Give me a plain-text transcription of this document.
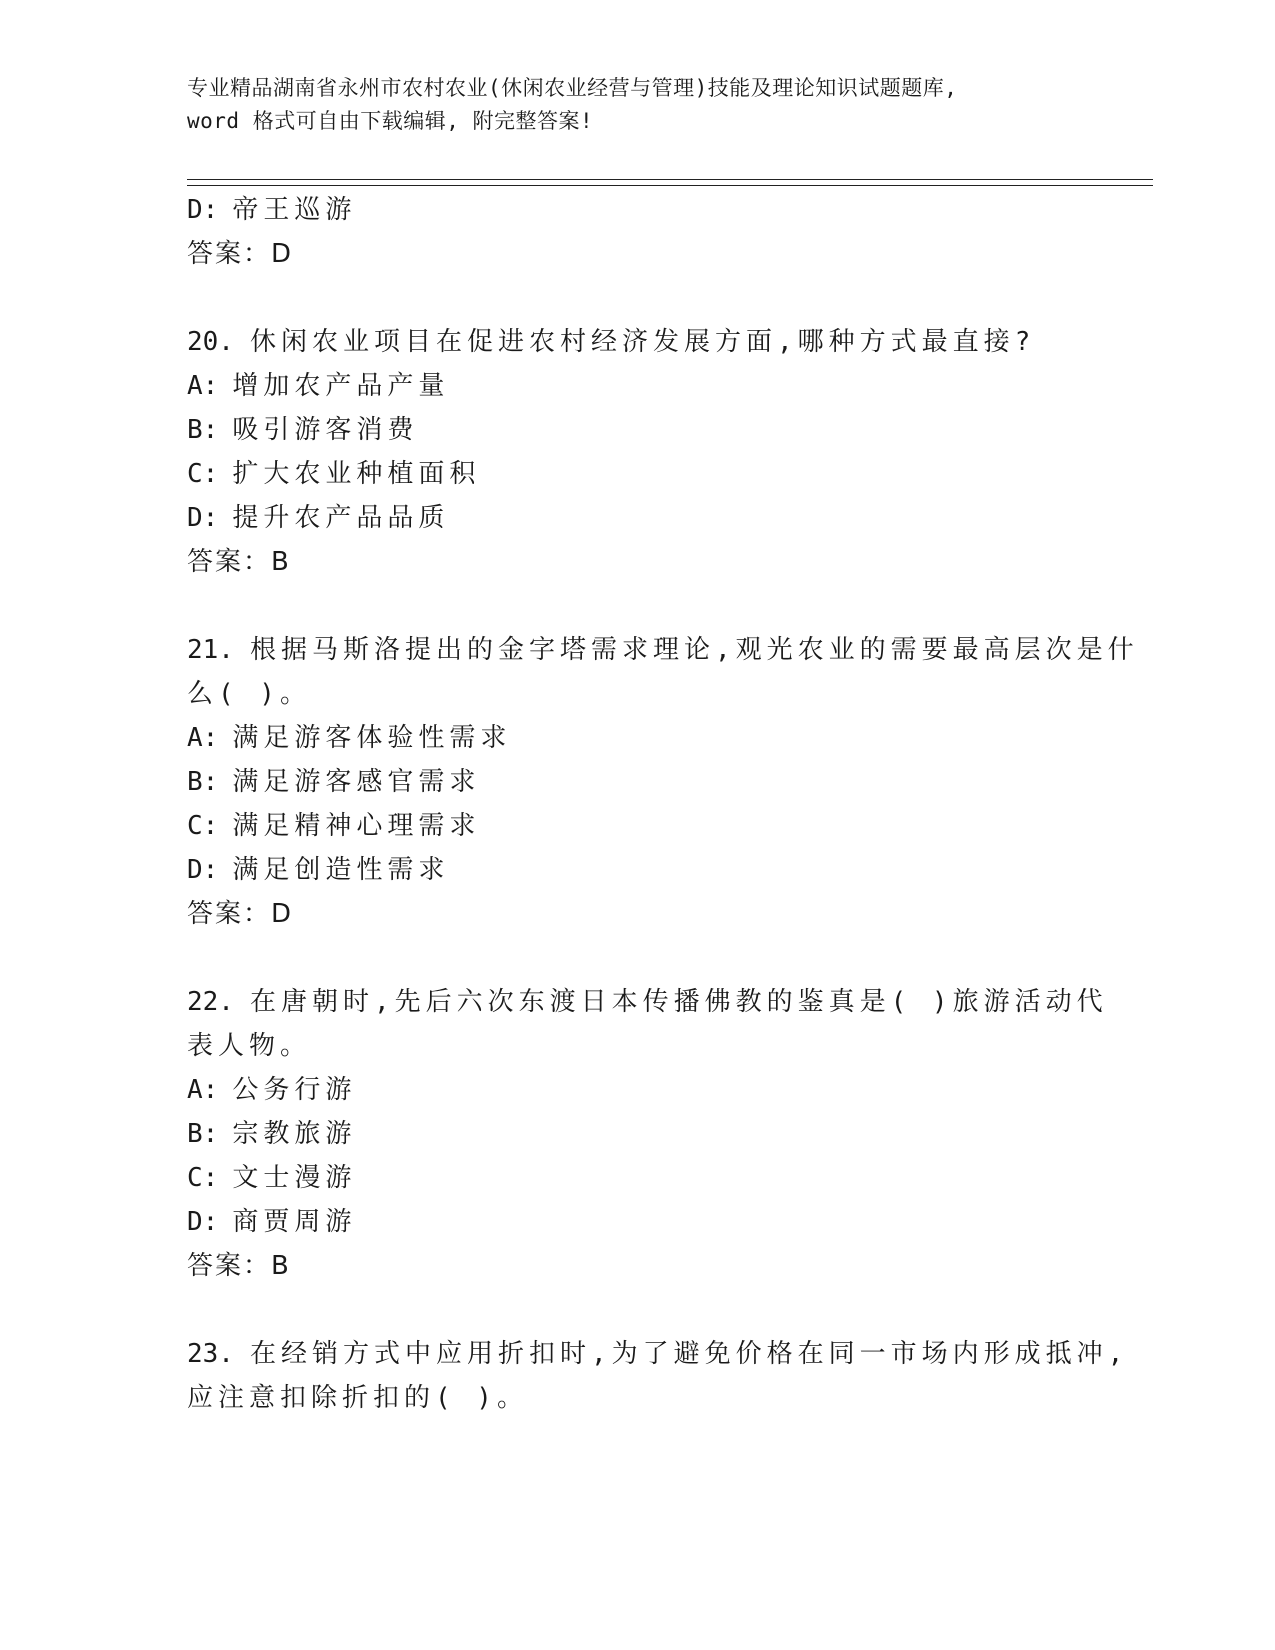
专业精品湖南省永州市农村农业(休闲农业经营与管理)技能及理论知识试题题库,
word 格式可自由下载编辑, 附完整答案!
D: 帝王巡游
答案：D
20. 休闲农业项目在促进农村经济发展方面,哪种方式最直接?
A: 增加农产品产量
B: 吸引游客消费
C: 扩大农业种植面积
D: 提升农产品品质
答案：B
21. 根据马斯洛提出的金字塔需求理论,观光农业的需要最高层次是什
么( )。
A: 满足游客体验性需求
B: 满足游客感官需求
C: 满足精神心理需求
D: 满足创造性需求
答案：D
22. 在唐朝时,先后六次东渡日本传播佛教的鉴真是( )旅游活动代
表人物。
A: 公务行游
B: 宗教旅游
C: 文士漫游
D: 商贾周游
答案：B
23. 在经销方式中应用折扣时,为了避免价格在同一市场内形成抵冲,
应注意扣除折扣的( )。
